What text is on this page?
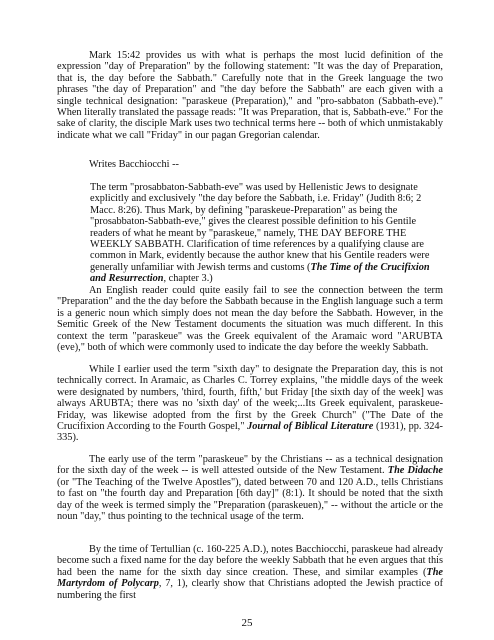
Mark 15:42 provides us with what is perhaps the most lucid definition of the expression "day of Preparation" by the following statement: "It was the day of Preparation, that is, the day before the Sabbath." Carefully note that in the Greek language the two phrases "the day of Preparation" and "the day before the Sabbath" are each given with a single technical designation: "paraskeue (Preparation)," and "pro-sabbaton (Sabbath-eve)." When literally translated the passage reads: "It was Preparation, that is, Sabbath-eve." For the sake of clarity, the disciple Mark uses two technical terms here -- both of which unmistakably indicate what we call "Friday" in our pagan Gregorian calendar.

Writes Bacchiocchi --

The term "prosabbaton-Sabbath-eve" was used by Hellenistic Jews to designate explicitly and exclusively "the day before the Sabbath, i.e. Friday" (Judith 8:6; 2 Macc. 8:26). Thus Mark, by defining "paraskeue-Preparation" as being the "prosabbaton-Sabbath-eve," gives the clearest possible definition to his Gentile readers of what he meant by "paraskeue," namely, THE DAY BEFORE THE WEEKLY SABBATH. Clarification of time references by a qualifying clause are common in Mark, evidently because the author knew that his Gentile readers were generally unfamiliar with Jewish terms and customs (The Time of the Crucifixion and Resurrection, chapter 3.)

An English reader could quite easily fail to see the connection between the term "Preparation" and the the day before the Sabbath because in the English language such a term is a generic noun which simply does not mean the day before the Sabbath. However, in the Semitic Greek of the New Testament documents the situation was much different. In this context the term "paraskeue" was the Greek equivalent of the Aramaic word "ARUBTA (eve)," both of which were commonly used to indicate the day before the weekly Sabbath.

While I earlier used the term "sixth day" to designate the Preparation day, this is not technically correct. In Aramaic, as Charles C. Torrey explains, "the middle days of the week were designated by numbers, 'third, fourth, fifth,' but Friday [the sixth day of the week] was always ARUBTA; there was no 'sixth day' of the week;...Its Greek equivalent, paraskeue-Friday, was likewise adopted from the first by the Greek Church" ("The Date of the Crucifixion According to the Fourth Gospel," Journal of Biblical Literature (1931), pp. 324-335).

The early use of the term "paraskeue" by the Christians -- as a technical designation for the sixth day of the week -- is well attested outside of the New Testament. The Didache (or "The Teaching of the Twelve Apostles"), dated between 70 and 120 A.D., tells Christians to fast on "the fourth day and Preparation [6th day]" (8:1). It should be noted that the sixth day of the week is termed simply the "Preparation (paraskeuen)," -- without the article or the noun "day," thus pointing to the technical usage of the term.

By the time of Tertullian (c. 160-225 A.D.), notes Bacchiocchi, paraskeue had already become such a fixed name for the day before the weekly Sabbath that he even argues that this had been the name for the sixth day since creation. These, and similar examples (The Martyrdom of Polycarp, 7, 1), clearly show that Christians adopted the Jewish practice of numbering the first

25
